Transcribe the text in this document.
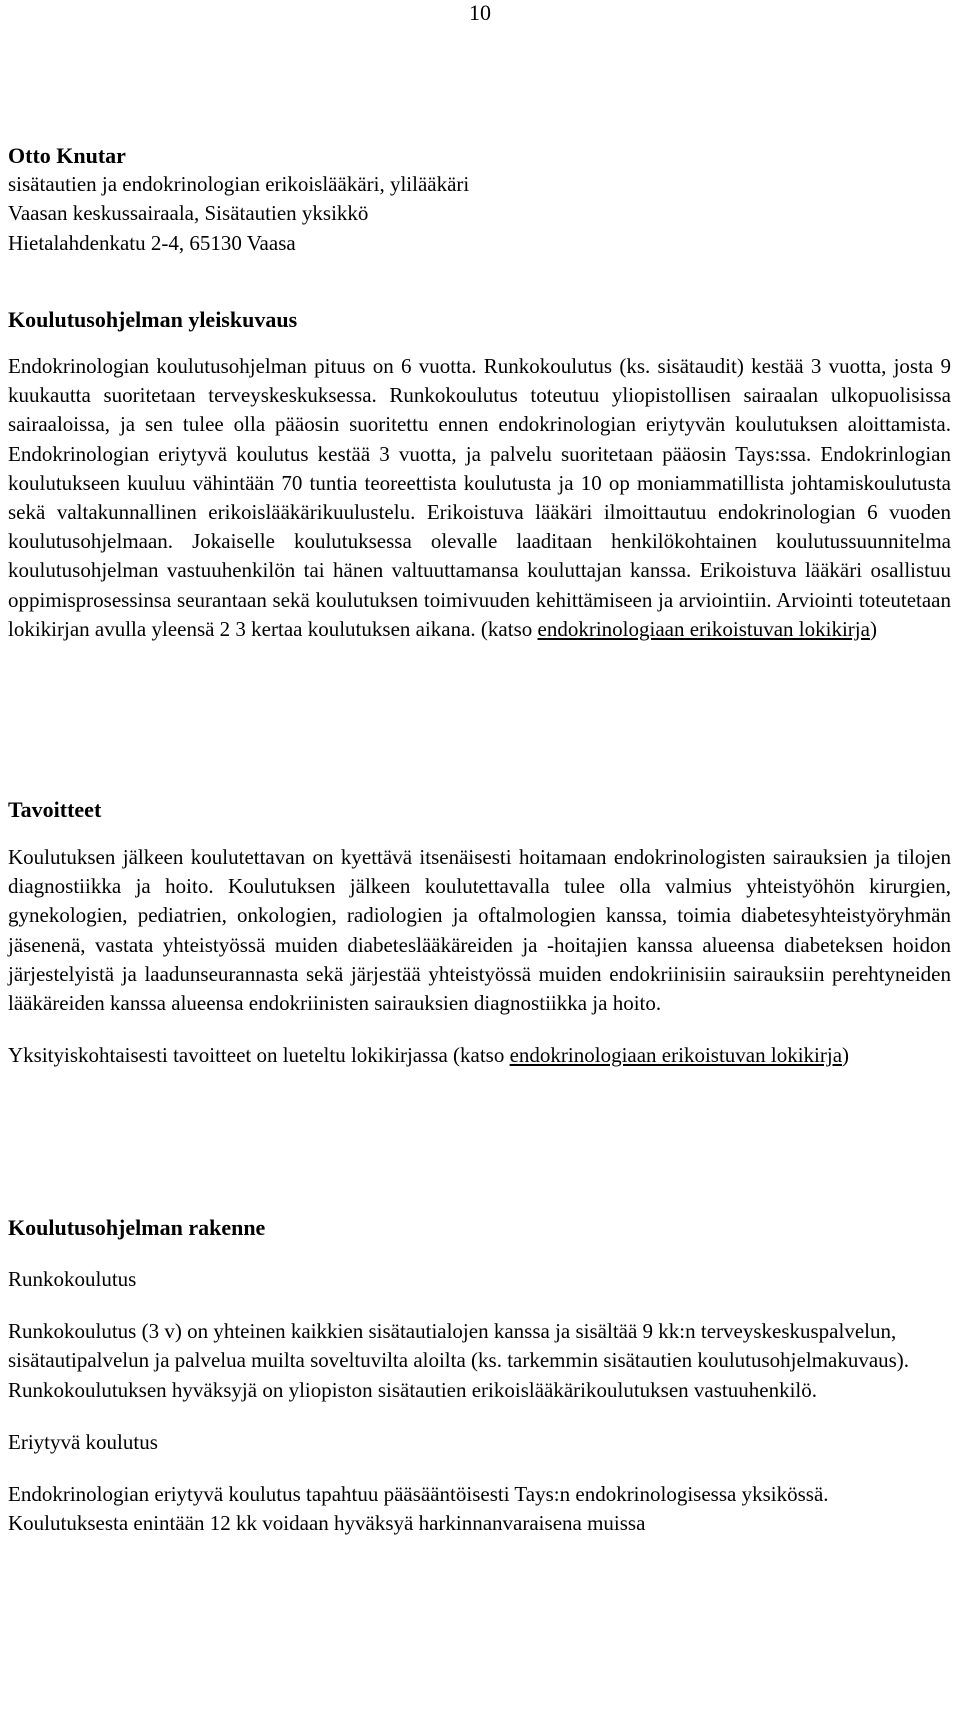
10

Otto Knutar

sisätautien ja endokrinologian erikoislääkäri, ylilääkäri

Vaasan keskussairaala, Sisätautien yksikkö

Hietalahdenkatu 2-4, 65130 Vaasa

Koulutusohjelman yleiskuvaus

Endokrinologian koulutusohjelman pituus on 6 vuotta. Runkokoulutus (ks. sisätaudit) kestää 3 vuotta, josta 9 kuukautta suoritetaan terveyskeskuksessa. Runkokoulutus toteutuu yliopistollisen sairaalan ulkopuolisissa sairaaloissa, ja sen tulee olla pääosin suoritettu ennen endokrinologian eriytyvän koulutuksen aloittamista. Endokrinologian eriytyvä koulutus kestää 3 vuotta, ja palvelu suoritetaan pääosin Tays:ssa. Endokrinlogian koulutukseen kuuluu vähintään 70 tuntia teoreettista koulutusta ja 10 op moniammatillista johtamiskoulutusta sekä valtakunnallinen erikoislääkärikuulustelu. Erikoistuva lääkäri ilmoittautuu endokrinologian 6 vuoden koulutusohjelmaan. Jokaiselle koulutuksessa olevalle laaditaan henkilökohtainen koulutussuunnitelma koulutusohjelman vastuuhenkilön tai hänen valtuuttamansa kouluttajan kanssa. Erikoistuva lääkäri osallistuu oppimisprosessinsa seurantaan sekä koulutuksen toimivuuden kehittämiseen ja arviointiin. Arviointi toteutetaan lokikirjan avulla yleensä 2 3 kertaa koulutuksen aikana. (katso endokrinologiaan erikoistuvan lokikirja)

Tavoitteet

Koulutuksen jälkeen koulutettavan on kyettävä itsenäisesti hoitamaan endokrinologisten sairauksien ja tilojen diagnostiikka ja hoito. Koulutuksen jälkeen koulutettavalla tulee olla valmius yhteistyöhön kirurgien, gynekologien, pediatrien, onkologien, radiologien ja oftalmologien kanssa, toimia diabetesyhteistyöryhmän jäsenenä, vastata yhteistyössä muiden diabeteslääkäreiden ja -hoitajien kanssa alueensa diabeteksen hoidon järjestelyistä ja laadunseurannasta sekä järjestää yhteistyössä muiden endokriinisiin sairauksiin perehtyneiden lääkäreiden kanssa alueensa endokriinisten sairauksien diagnostiikka ja hoito.

Yksityiskohtaisesti tavoitteet on lueteltu lokikirjassa (katso endokrinologiaan erikoistuvan lokikirja)

Koulutusohjelman rakenne

Runkokoulutus

Runkokoulutus (3 v) on yhteinen kaikkien sisätautialojen kanssa ja sisältää 9 kk:n terveyskeskuspalvelun, sisätautipalvelun ja palvelua muilta soveltuvilta aloilta (ks. tarkemmin sisätautien koulutusohjelmakuvaus). Runkokoulutuksen hyväksyjä on yliopiston sisätautien erikoislääkärikoulutuksen vastuuhenkilö.

Eriytyvä koulutus

Endokrinologian eriytyvä koulutus tapahtuu pääsääntöisesti Tays:n endokrinologisessa yksikössä. Koulutuksesta enintään 12 kk voidaan hyväksyä harkinnanvaraisena muissa
